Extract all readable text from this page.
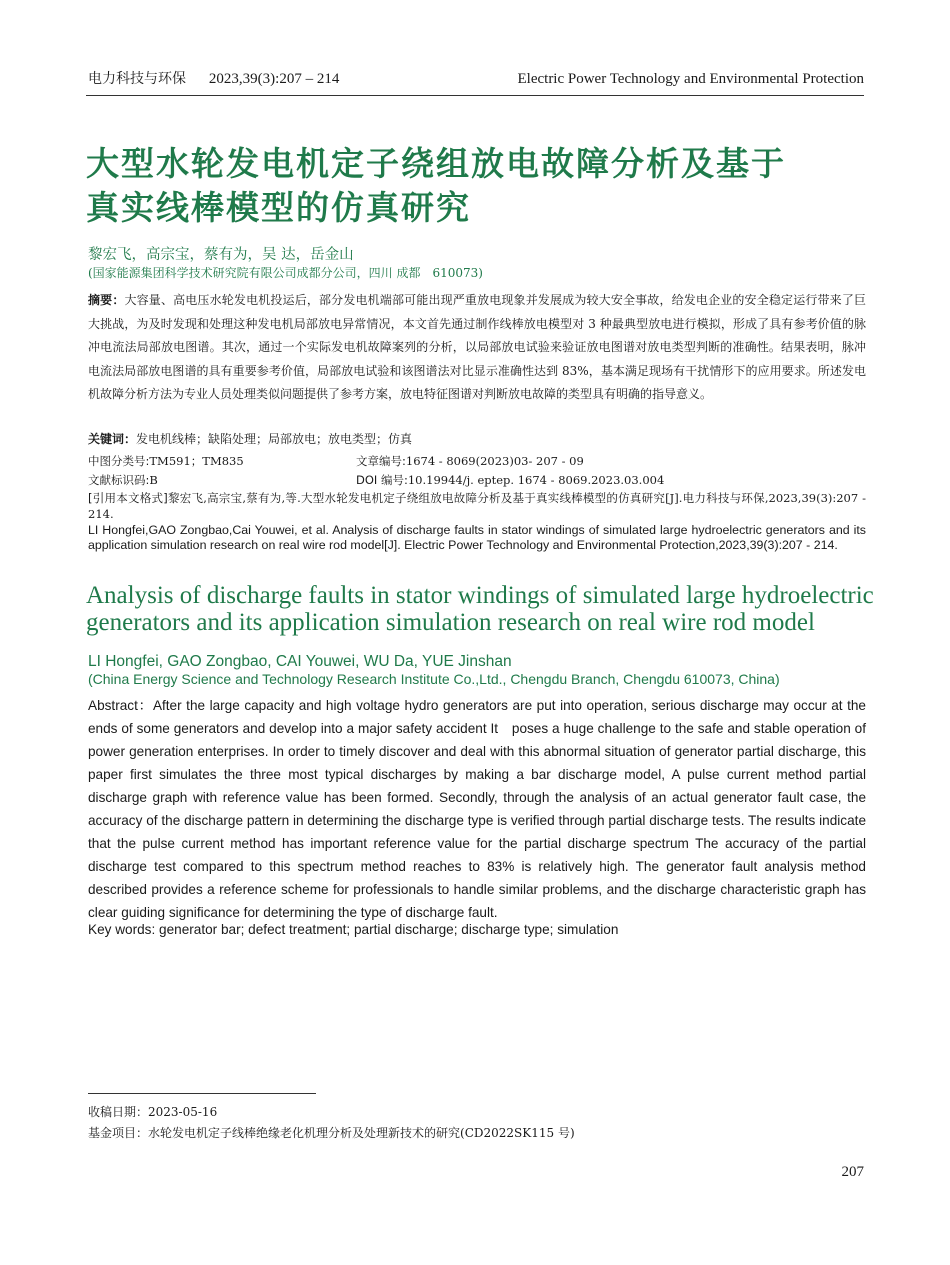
电力科技与环保 2023,39(3):207 – 214	Electric Power Technology and Environmental Protection
大型水轮发电机定子绕组放电故障分析及基于
真实线棒模型的仿真研究
黎宏飞，高宗宝，蔡有为，吴 达，岳金山
(国家能源集团科学技术研究院有限公司成都分公司，四川 成都　610073)
摘要：大容量、高电压水轮发电机投运后，部分发电机端部可能出现严重放电现象并发展成为较大安全事故，给发电企业的安全稳定运行带来了巨大挑战，为及时发现和处理这种发电机局部放电异常情况，本文首先通过制作线棒放电模型对 3 种最典型放电进行模拟，形成了具有参考价值的脉冲电流法局部放电图谱。其次，通过一个实际发电机故障案列的分析，以局部放电试验来验证放电图谱对放电类型判断的准确性。结果表明，脉冲电流法局部放电图谱的具有重要参考价值，局部放电试验和该图谱法对比显示准确性达到 83%，基本满足现场有干扰情形下的应用要求。所述发电机故障分析方法为专业人员处理类似问题提供了参考方案，放电特征图谱对判断放电故障的类型具有明确的指导意义。
关键词：发电机线棒；缺陷处理；局部放电；放电类型；仿真
中图分类号:TM591；TM835	文章编号:1674 - 8069(2023)03- 207 - 09
文献标识码:B	DOI 编号:10.19944/j. eptep. 1674 - 8069.2023.03.004
[引用本文格式]黎宏飞,高宗宝,蔡有为,等.大型水轮发电机定子绕组放电故障分析及基于真实线棒模型的仿真研究[J].电力科技与环保,2023,39(3):207 - 214.
LI Hongfei,GAO Zongbao,Cai Youwei, et al. Analysis of discharge faults in stator windings of simulated large hydroelectric generators and its application simulation research on real wire rod model[J]. Electric Power Technology and Environmental Protection,2023,39(3):207 - 214.
Analysis of discharge faults in stator windings of simulated large hydroelectric generators and its application simulation research on real wire rod model
LI Hongfei, GAO Zongbao, CAI Youwei, WU Da, YUE Jinshan
(China Energy Science and Technology Research Institute Co.,Ltd., Chengdu Branch, Chengdu 610073, China)
Abstract：After the large capacity and high voltage hydro generators are put into operation, serious discharge may occur at the ends of some generators and develop into a major safety accident It　poses a huge challenge to the safe and stable operation of power generation enterprises. In order to timely discover and deal with this abnormal situation of generator partial discharge, this paper first simulates the three most typical discharges by making a bar discharge model, A pulse current method partial discharge graph with reference value has been formed. Secondly, through the analysis of an actual generator fault case, the accuracy of the discharge pattern in determining the discharge type is verified through partial discharge tests. The results indicate that the pulse current method has important reference value for the partial discharge spectrum The accuracy of the partial discharge test compared to this spectrum method reaches to 83% is relatively high. The generator fault analysis method described provides a reference scheme for professionals to handle similar problems, and the discharge characteristic graph has clear guiding significance for determining the type of discharge fault.
Key words: generator bar; defect treatment; partial discharge; discharge type; simulation
收稿日期：2023-05-16
基金项目：水轮发电机定子线棒绝缘老化机理分析及处理新技术的研究(CD2022SK115 号)
207
